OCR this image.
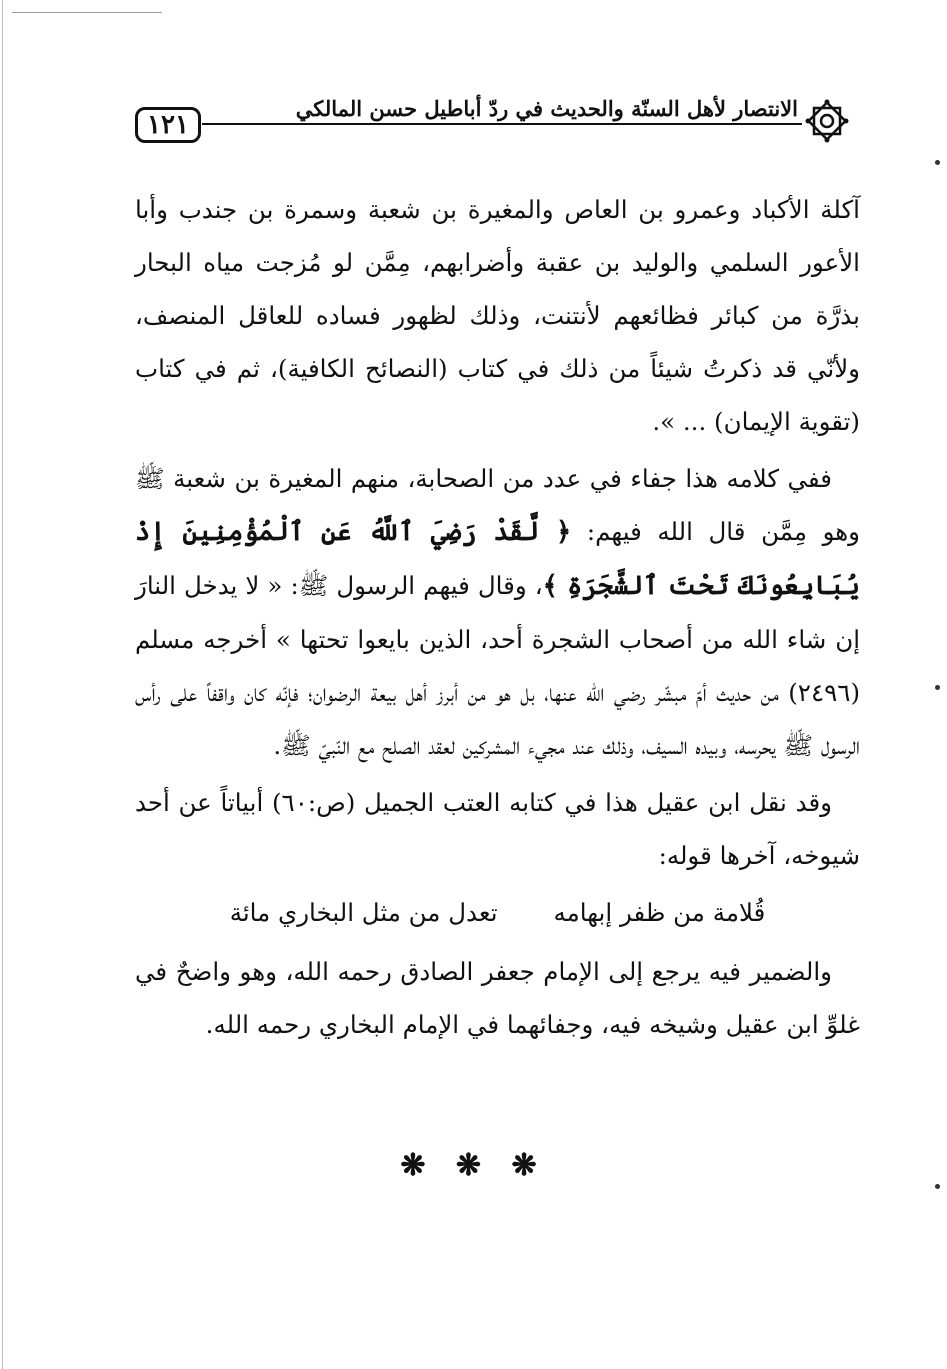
١٢١
الانتصار لأهل السنّة والحديث في ردّ أباطيل حسن المالكي

آكلة الأكباد وعمرو بن العاص والمغيرة بن شعبة وسمرة بن جندب وأبا الأعور السلمي والوليد بن عقبة وأضرابهم، مِمَّن لو مُزجت مياه البحار بذرَّة من كبائر فظائعهم لأنتنت، وذلك لظهور فساده للعاقل المنصف، ولأنّي قد ذكرتُ شيئاً من ذلك في كتاب (النصائح الكافية)، ثم في كتاب (تقوية الإيمان) ... ».

ففي كلامه هذا جفاء في عدد من الصحابة، منهم المغيرة بن شعبة ﷺ وهو مِمَّن قال الله فيهم: ﴿ لَّقَدْ رَضِيَ ٱللَّهُ عَنِ ٱلْمُؤْمِنِينَ إِذْ يُبَايِعُونَكَ تَحْتَ ٱلشَّجَرَةِ ﴾، وقال فيهم الرسول ﷺ: « لا يدخل النارَ إن شاء الله من أصحاب الشجرة أحد، الذين بايعوا تحتها » أخرجه مسلم (٢٤٩٦) من حديث أمّ مبشّر رضي الله عنها، بل هو من أبرز أهل بيعة الرضوان؛ فإنّه كان واقفاً على رأس الرسول ﷺ يحرسه، وبيده السيف، وذلك عند مجيء المشركين لعقد الصلح مع النّبيّ ﷺ.

وقد نقل ابن عقيل هذا في كتابه العتب الجميل (ص:٦٠) أبياتاً عن أحد شيوخه، آخرها قوله:

قُلامة من ظفر إبهامه
تعدل من مثل البخاري مائة

والضمير فيه يرجع إلى الإمام جعفر الصادق رحمه الله، وهو واضحٌ في غلوِّ ابن عقيل وشيخه فيه، وجفائهما في الإمام البخاري رحمه الله.

❋ ❋ ❋
